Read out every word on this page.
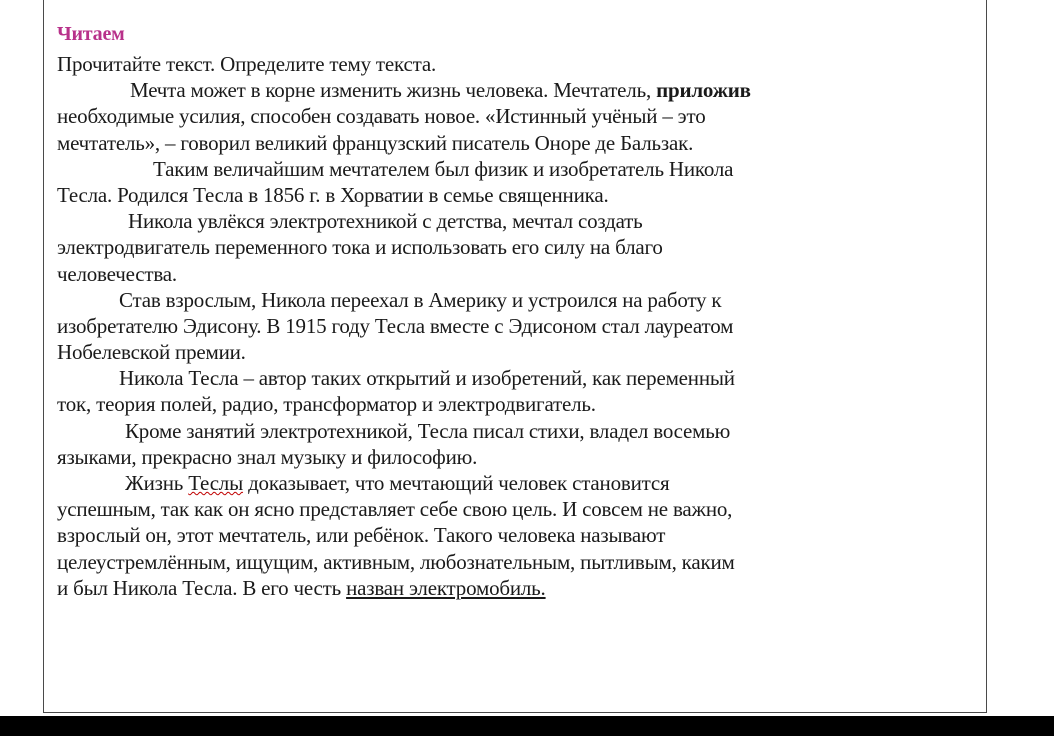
Читаем
Прочитайте текст. Определите тему текста.
Мечта может в корне изменить жизнь человека. Мечтатель, приложив
необходимые усилия, способен создавать новое. «Истинный учёный – это
мечтатель», – говорил великий французский писатель Оноре де Бальзак.
Таким величайшим мечтателем был физик и изобретатель Никола
Тесла. Родился Тесла в 1856 г. в Хорватии в семье священника.
Никола увлёкся электротехникой с детства, мечтал создать
электродвигатель переменного тока и использовать его силу на благо
человечества.
Став взрослым, Никола переехал в Америку и устроился на работу к
изобретателю Эдисону. В 1915 году Тесла вместе с Эдисоном стал лауреатом
Нобелевской премии.
Никола Тесла – автор таких открытий и изобретений, как переменный
ток, теория полей, радио, трансформатор и электродвигатель.
Кроме занятий электротехникой, Тесла писал стихи, владел восемью
языками, прекрасно знал музыку и философию.
Жизнь Теслы доказывает, что мечтающий человек становится
успешным, так как он ясно представляет себе свою цель. И совсем не важно,
взрослый он, этот мечтатель, или ребёнок. Такого человека называют
целеустремлённым, ищущим, активным, любознательным, пытливым, каким
и был Никола Тесла. В его честь назван электромобиль.
